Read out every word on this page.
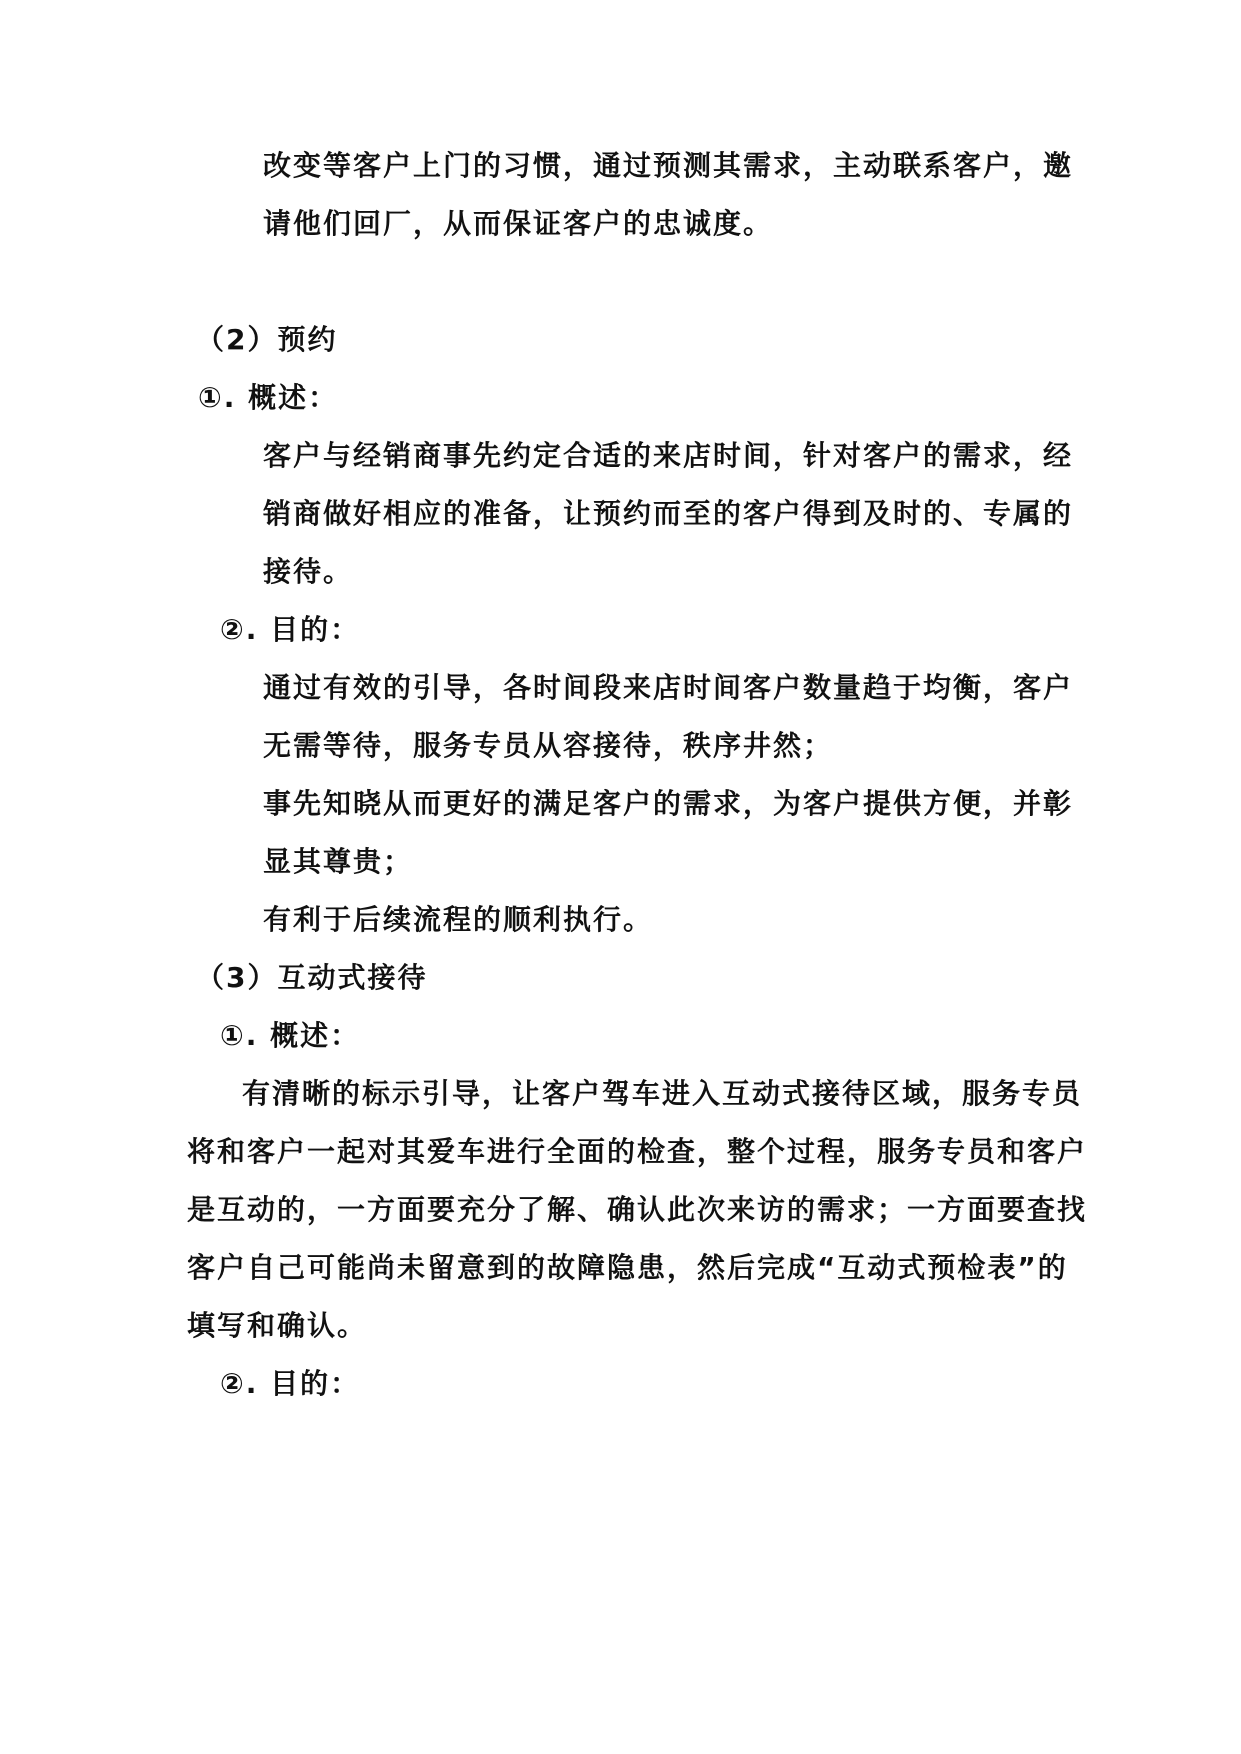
改变等客户上门的习惯，通过预测其需求，主动联系客户，邀
请他们回厂，从而保证客户的忠诚度。
（2）预约
①. 概述：
客户与经销商事先约定合适的来店时间，针对客户的需求，经
销商做好相应的准备，让预约而至的客户得到及时的、专属的
接待。
②. 目的：
通过有效的引导，各时间段来店时间客户数量趋于均衡，客户
无需等待，服务专员从容接待，秩序井然；
事先知晓从而更好的满足客户的需求，为客户提供方便，并彰
显其尊贵；
有利于后续流程的顺利执行。
（3）互动式接待
①. 概述：
有清晰的标示引导，让客户驾车进入互动式接待区域，服务专员
将和客户一起对其爱车进行全面的检查，整个过程，服务专员和客户
是互动的，一方面要充分了解、确认此次来访的需求；一方面要查找
客户自己可能尚未留意到的故障隐患，然后完成“互动式预检表”的
填写和确认。
②. 目的：
